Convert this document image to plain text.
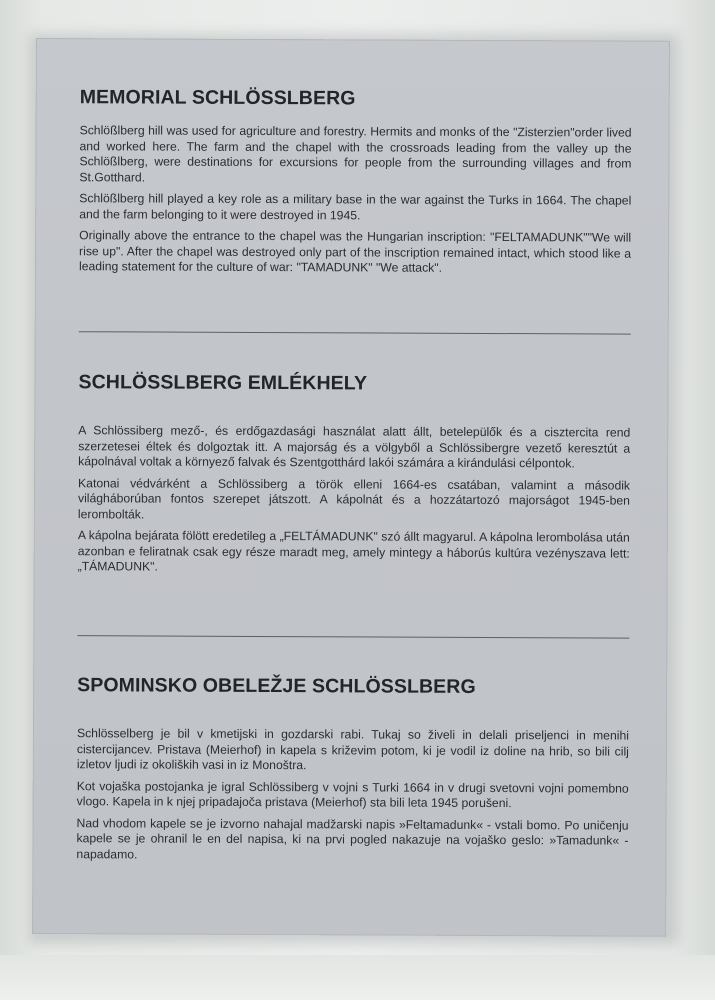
MEMORIAL SCHLÖSSLBERG

Schlößlberg hill was used for agriculture and forestry. Hermits and monks of the "Zisterzien"order lived and worked here. The farm and the chapel with the crossroads leading from the valley up the Schlößlberg, were destinations for excursions for people from the surrounding villages and from St.Gotthard.

Schlößlberg hill played a key role as a military base in the war against the Turks in 1664. The chapel and the farm belonging to it were destroyed in 1945.

Originally above the entrance to the chapel was the Hungarian inscription: "FELTAMADUNK""We will rise up". After the chapel was destroyed only part of the inscription remained intact, which stood like a leading statement for the culture of war: "TAMADUNK" "We attack".

SCHLÖSSLBERG EMLÉKHELY

A Schlössiberg mező-, és erdőgazdasági használat alatt állt, betelepülők és a cisztercita rend szerzetesei éltek és dolgoztak itt. A majorság és a völgyből a Schlössibergre vezető keresztút a kápolnával voltak a környező falvak és Szentgotthárd lakói számára a kirándulási célpontok.

Katonai védvárként a Schlössiberg a török elleni 1664-es csatában, valamint a második világháborúban fontos szerepet játszott. A kápolnát és a hozzátartozó majorságot 1945-ben lerombolták.

A kápolna bejárata fölött eredetileg a „FELTÁMADUNK" szó állt magyarul. A kápolna lerombolása után azonban e feliratnak csak egy része maradt meg, amely mintegy a háborús kultúra vezényszava lett: „TÁMADUNK".

SPOMINSKO OBELEŽJE SCHLÖSSLBERG

Schlösselberg je bil v kmetijski in gozdarski rabi. Tukaj so živeli in delali priseljenci in menihi cistercijancev. Pristava (Meierhof) in kapela s križevim potom, ki je vodil iz doline na hrib, so bili cilj izletov ljudi iz okoliških vasi in iz Monoštra.

Kot vojaška postojanka je igral Schlössiberg v vojni s Turki 1664 in v drugi svetovni vojni pomembno vlogo. Kapela in k njej pripadajoča pristava (Meierhof) sta bili leta 1945 porušeni.

Nad vhodom kapele se je izvorno nahajal madžarski napis »Feltamadunk« - vstali bomo. Po uničenju kapele se je ohranil le en del napisa, ki na prvi pogled nakazuje na vojaško geslo: »Tamadunk« - napadamo.
